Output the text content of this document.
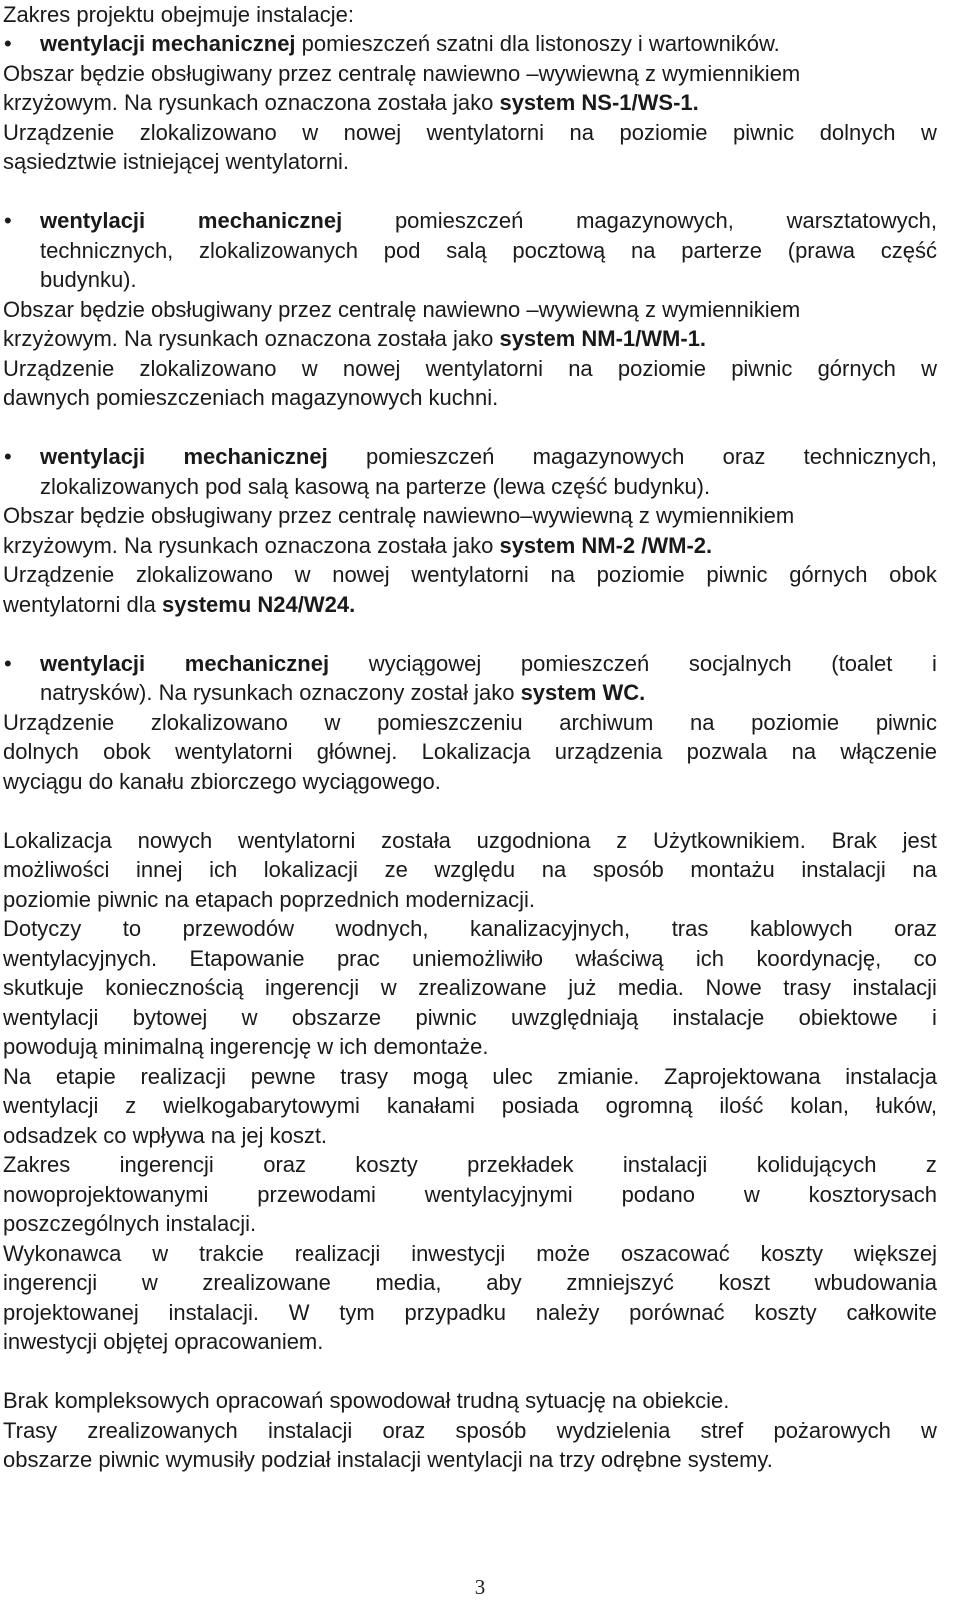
Zakres projektu obejmuje instalacje:
•	wentylacji mechanicznej pomieszczeń szatni dla listonoszy i wartowników.
Obszar będzie obsługiwany przez centralę nawiewno –wywiewną z wymiennikiem
krzyżowym. Na rysunkach oznaczona została jako system NS-1/WS-1.
Urządzenie zlokalizowano w nowej wentylatorni na poziomie piwnic dolnych w
sąsiedztwie istniejącej wentylatorni.
•	wentylacji mechanicznej pomieszczeń magazynowych, warsztatowych,
technicznych, zlokalizowanych pod salą pocztową na parterze (prawa część
budynku).
Obszar będzie obsługiwany przez centralę nawiewno –wywiewną z wymiennikiem
krzyżowym. Na rysunkach oznaczona została jako system NM-1/WM-1.
Urządzenie zlokalizowano w nowej wentylatorni na poziomie piwnic górnych w
dawnych pomieszczeniach magazynowych kuchni.
•	wentylacji mechanicznej pomieszczeń magazynowych oraz technicznych,
zlokalizowanych pod salą kasową na parterze (lewa część budynku).
Obszar będzie obsługiwany przez centralę nawiewno–wywiewną z wymiennikiem
krzyżowym. Na rysunkach oznaczona została jako system NM-2 /WM-2.
Urządzenie zlokalizowano w nowej wentylatorni na poziomie piwnic górnych obok
wentylatorni dla systemu N24/W24.
•	wentylacji mechanicznej wyciągowej pomieszczeń socjalnych (toalet i
natrysków). Na rysunkach oznaczony został jako system WC.
Urządzenie zlokalizowano w pomieszczeniu archiwum na poziomie piwnic
dolnych obok wentylatorni głównej. Lokalizacja urządzenia pozwala na włączenie
wyciągu do kanału zbiorczego wyciągowego.
Lokalizacja nowych wentylatorni została uzgodniona z Użytkownikiem. Brak jest
możliwości innej ich lokalizacji ze względu na sposób montażu instalacji na
poziomie piwnic na etapach poprzednich modernizacji.
Dotyczy to przewodów wodnych, kanalizacyjnych, tras kablowych oraz
wentylacyjnych. Etapowanie prac uniemożliwiło właściwą ich koordynację, co
skutkuje koniecznością ingerencji w zrealizowane już media. Nowe trasy instalacji
wentylacji bytowej w obszarze piwnic uwzględniają instalacje obiektowe i
powodują minimalną ingerencję w ich demontaże.
Na etapie realizacji pewne trasy mogą ulec zmianie. Zaprojektowana instalacja
wentylacji z wielkogabarytowymi kanałami posiada ogromną ilość kolan, łuków,
odsadzek co wpływa na jej koszt.
Zakres ingerencji oraz koszty przekładek instalacji kolidujących z
nowoprojektowanymi przewodami wentylacyjnymi podano w kosztorysach
poszczególnych instalacji.
Wykonawca w trakcie realizacji inwestycji może oszacować koszty większej
ingerencji w zrealizowane media, aby zmniejszyć koszt wbudowania
projektowanej instalacji. W tym przypadku należy porównać koszty całkowite
inwestycji objętej opracowaniem.
Brak kompleksowych opracowań spowodował trudną sytuację na obiekcie.
Trasy zrealizowanych instalacji oraz sposób wydzielenia stref pożarowych w
obszarze piwnic wymusiły podział instalacji wentylacji na trzy odrębne systemy.
3
